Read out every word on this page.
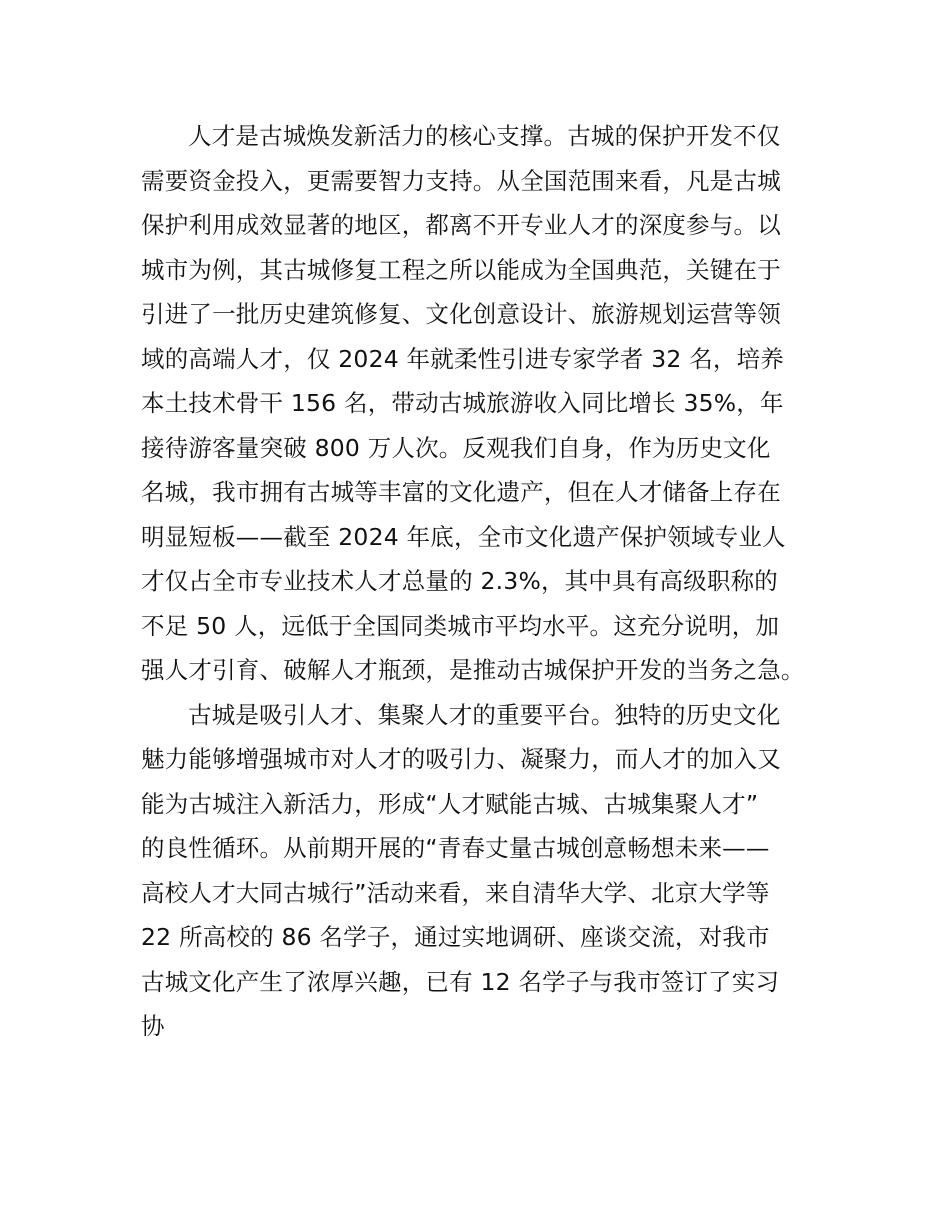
人才是古城焕发新活力的核心支撑。古城的保护开发不仅
需要资金投入，更需要智力支持。从全国范围来看，凡是古城
保护利用成效显著的地区，都离不开专业人才的深度参与。以
城市为例，其古城修复工程之所以能成为全国典范，关键在于
引进了一批历史建筑修复、文化创意设计、旅游规划运营等领
域的高端人才，仅 2024 年就柔性引进专家学者 32 名，培养
本土技术骨干 156 名，带动古城旅游收入同比增长 35%，年
接待游客量突破 800 万人次。反观我们自身，作为历史文化
名城，我市拥有古城等丰富的文化遗产，但在人才储备上存在
明显短板——截至 2024 年底，全市文化遗产保护领域专业人
才仅占全市专业技术人才总量的 2.3%，其中具有高级职称的
不足 50 人，远低于全国同类城市平均水平。这充分说明，加
强人才引育、破解人才瓶颈，是推动古城保护开发的当务之急。
古城是吸引人才、集聚人才的重要平台。独特的历史文化
魅力能够增强城市对人才的吸引力、凝聚力，而人才的加入又
能为古城注入新活力，形成“人才赋能古城、古城集聚人才”
的良性循环。从前期开展的“青春丈量古城创意畅想未来——
高校人才大同古城行”活动来看，来自清华大学、北京大学等
22 所高校的 86 名学子，通过实地调研、座谈交流，对我市
古城文化产生了浓厚兴趣，已有 12 名学子与我市签订了实习
协
